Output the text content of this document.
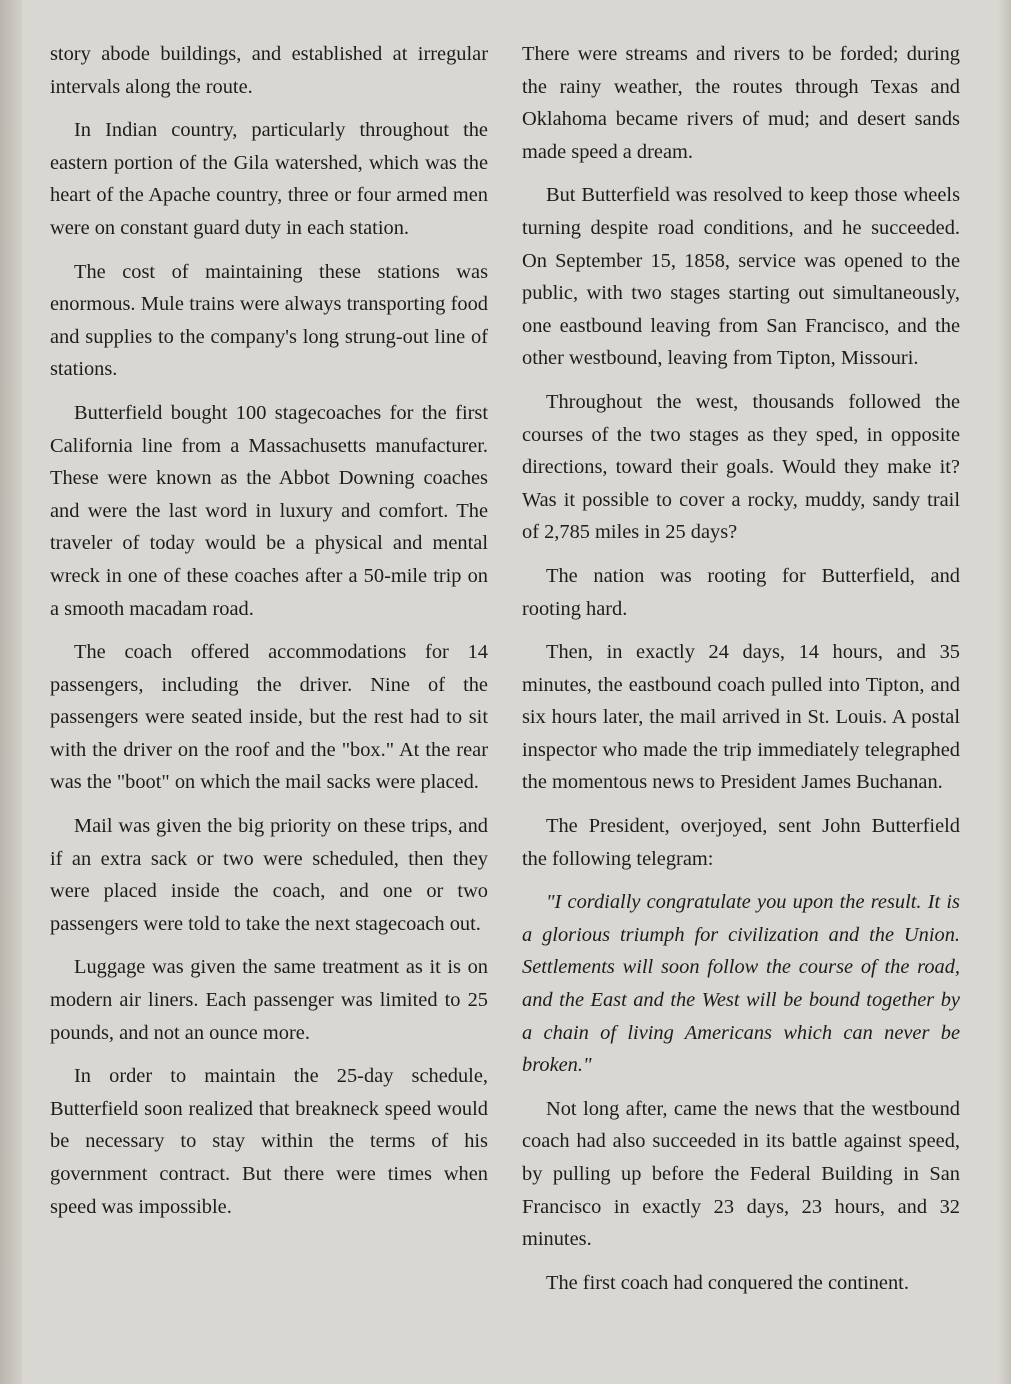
story abode buildings, and established at irregular intervals along the route.

In Indian country, particularly throughout the eastern portion of the Gila watershed, which was the heart of the Apache country, three or four armed men were on constant guard duty in each station.

The cost of maintaining these stations was enormous. Mule trains were always transporting food and supplies to the company's long strung-out line of stations.

Butterfield bought 100 stagecoaches for the first California line from a Massachusetts manufacturer. These were known as the Abbot Downing coaches and were the last word in luxury and comfort. The traveler of today would be a physical and mental wreck in one of these coaches after a 50-mile trip on a smooth macadam road.

The coach offered accommodations for 14 passengers, including the driver. Nine of the passengers were seated inside, but the rest had to sit with the driver on the roof and the "box." At the rear was the "boot" on which the mail sacks were placed.

Mail was given the big priority on these trips, and if an extra sack or two were scheduled, then they were placed inside the coach, and one or two passengers were told to take the next stagecoach out.

Luggage was given the same treatment as it is on modern air liners. Each passenger was limited to 25 pounds, and not an ounce more.

In order to maintain the 25-day schedule, Butterfield soon realized that breakneck speed would be necessary to stay within the terms of his government contract. But there were times when speed was impossible.

There were streams and rivers to be forded; during the rainy weather, the routes through Texas and Oklahoma became rivers of mud; and desert sands made speed a dream.

But Butterfield was resolved to keep those wheels turning despite road conditions, and he succeeded. On September 15, 1858, service was opened to the public, with two stages starting out simultaneously, one eastbound leaving from San Francisco, and the other westbound, leaving from Tipton, Missouri.

Throughout the west, thousands followed the courses of the two stages as they sped, in opposite directions, toward their goals. Would they make it? Was it possible to cover a rocky, muddy, sandy trail of 2,785 miles in 25 days?

The nation was rooting for Butterfield, and rooting hard.

Then, in exactly 24 days, 14 hours, and 35 minutes, the eastbound coach pulled into Tipton, and six hours later, the mail arrived in St. Louis. A postal inspector who made the trip immediately telegraphed the momentous news to President James Buchanan.

The President, overjoyed, sent John Butterfield the following telegram:

"I cordially congratulate you upon the result. It is a glorious triumph for civilization and the Union. Settlements will soon follow the course of the road, and the East and the West will be bound together by a chain of living Americans which can never be broken."

Not long after, came the news that the westbound coach had also succeeded in its battle against speed, by pulling up before the Federal Building in San Francisco in exactly 23 days, 23 hours, and 32 minutes.

The first coach had conquered the continent.
